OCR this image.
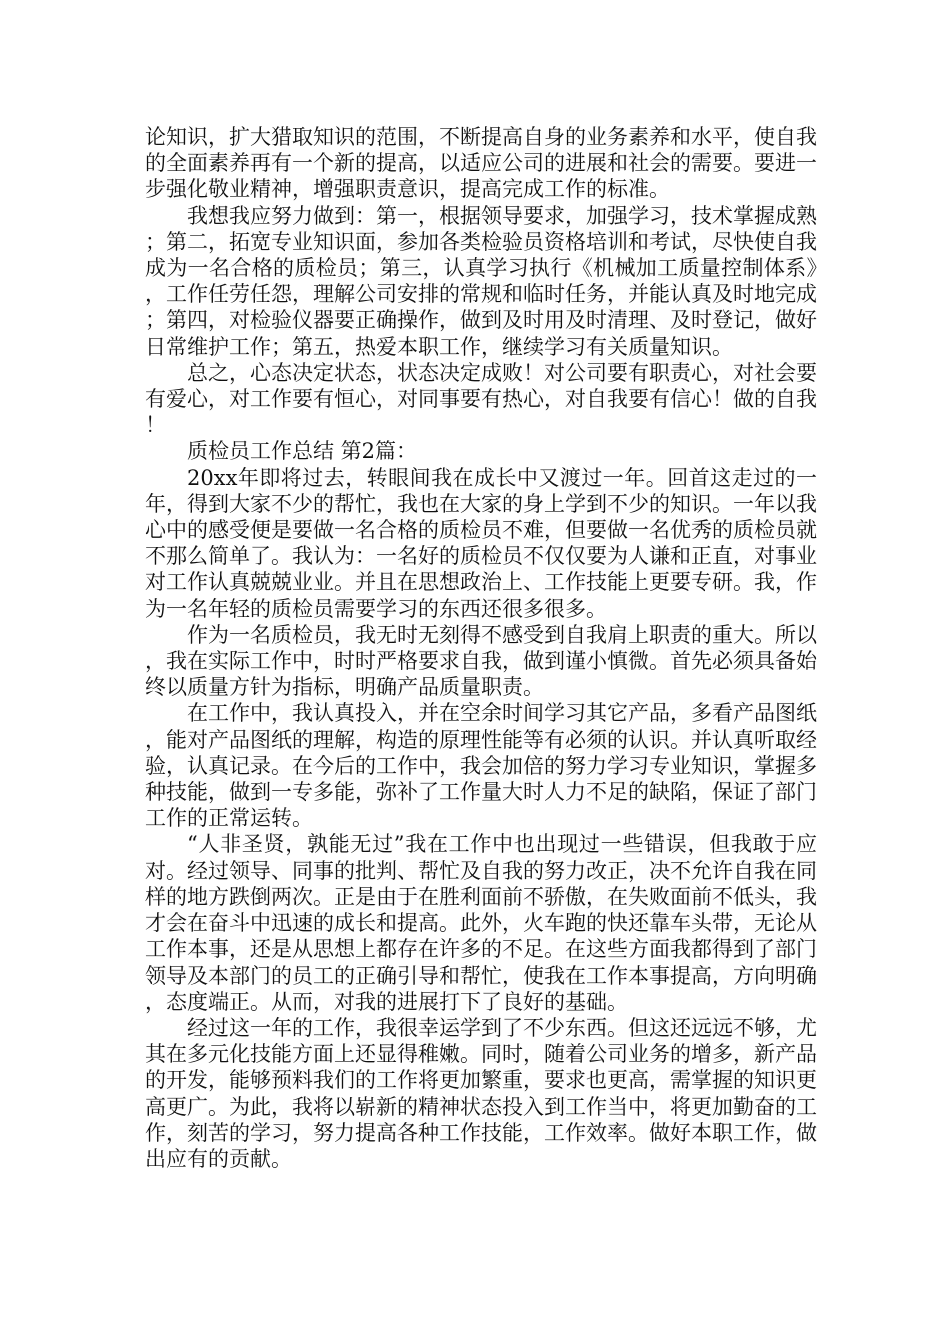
论知识，扩大猎取知识的范围，不断提高自身的业务素养和水平，使自我的全面素养再有一个新的提高，以适应公司的进展和社会的需要。要进一步强化敬业精神，增强职责意识，提高完成工作的标准。

我想我应努力做到：第一，根据领导要求，加强学习，技术掌握成熟；第二，拓宽专业知识面，参加各类检验员资格培训和考试，尽快使自我成为一名合格的质检员；第三，认真学习执行《机械加工质量控制体系》，工作任劳任怨，理解公司安排的常规和临时任务，并能认真及时地完成；第四，对检验仪器要正确操作，做到及时用及时清理、及时登记，做好日常维护工作；第五，热爱本职工作，继续学习有关质量知识。

总之，心态决定状态，状态决定成败！对公司要有职责心，对社会要有爱心，对工作要有恒心，对同事要有热心，对自我要有信心！做的自我！

质检员工作总结 第2篇：

20xx年即将过去，转眼间我在成长中又渡过一年。回首这走过的一年，得到大家不少的帮忙，我也在大家的身上学到不少的知识。一年以我心中的感受便是要做一名合格的质检员不难，但要做一名优秀的质检员就不那么简单了。我认为：一名好的质检员不仅仅要为人谦和正直，对事业对工作认真兢兢业业。并且在思想政治上、工作技能上更要专研。我，作为一名年轻的质检员需要学习的东西还很多很多。

作为一名质检员，我无时无刻得不感受到自我肩上职责的重大。所以，我在实际工作中，时时严格要求自我，做到谨小慎微。首先必须具备始终以质量方针为指标，明确产品质量职责。

在工作中，我认真投入，并在空余时间学习其它产品，多看产品图纸，能对产品图纸的理解，构造的原理性能等有必须的认识。并认真听取经验，认真记录。在今后的工作中，我会加倍的努力学习专业知识，掌握多种技能，做到一专多能，弥补了工作量大时人力不足的缺陷，保证了部门工作的正常运转。

“人非圣贤，孰能无过”我在工作中也出现过一些错误，但我敢于应对。经过领导、同事的批判、帮忙及自我的努力改正，决不允许自我在同样的地方跌倒两次。正是由于在胜利面前不骄傲，在失败面前不低头，我才会在奋斗中迅速的成长和提高。此外，火车跑的快还靠车头带，无论从工作本事，还是从思想上都存在许多的不足。在这些方面我都得到了部门领导及本部门的员工的正确引导和帮忙，使我在工作本事提高，方向明确，态度端正。从而，对我的进展打下了良好的基础。

经过这一年的工作，我很幸运学到了不少东西。但这还远远不够，尤其在多元化技能方面上还显得稚嫩。同时，随着公司业务的增多，新产品的开发，能够预料我们的工作将更加繁重，要求也更高，需掌握的知识更高更广。为此，我将以崭新的精神状态投入到工作当中，将更加勤奋的工作，刻苦的学习，努力提高各种工作技能，工作效率。做好本职工作，做出应有的贡献。
